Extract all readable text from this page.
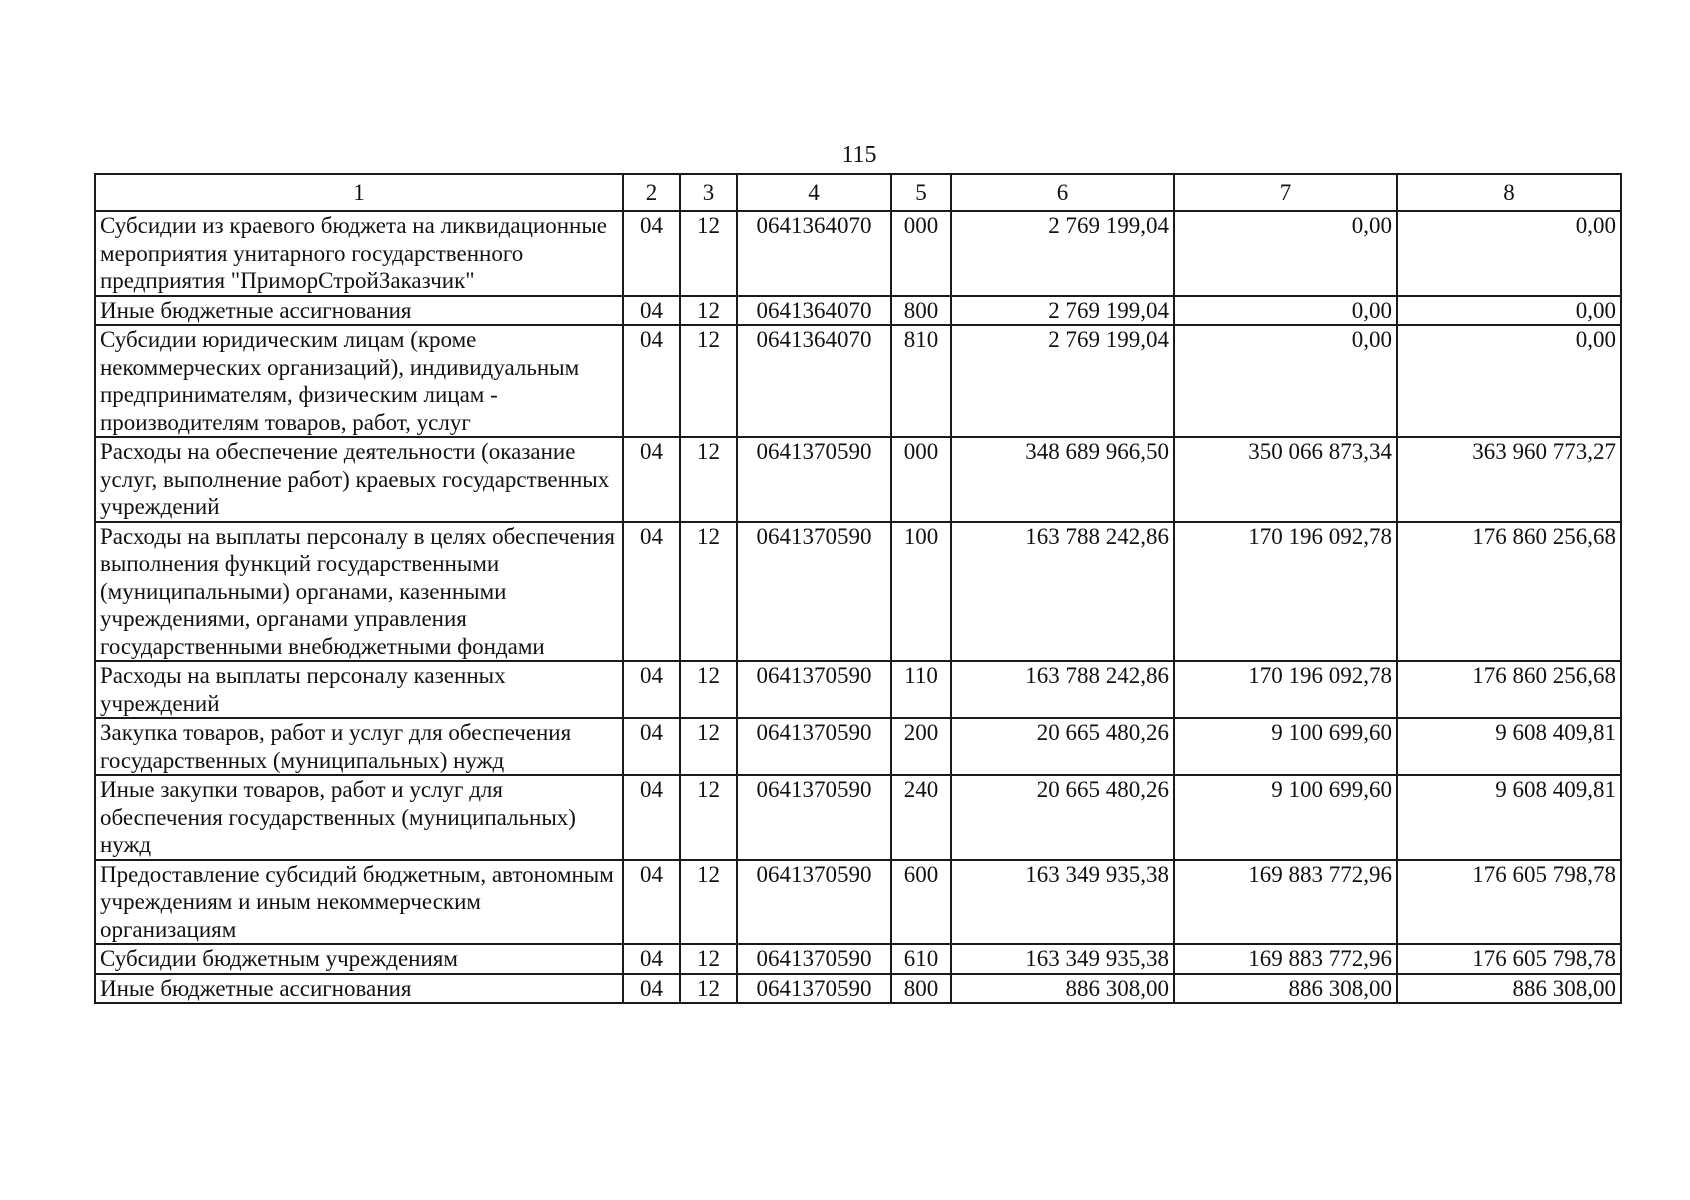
115
1	2	3	4	5	6	7	8
Субсидии из краевого бюджета на ликвидационные мероприятия унитарного государственного предприятия "ПриморСтройЗаказчик"	04	12	0641364070	000	2 769 199,04	0,00	0,00
Иные бюджетные ассигнования	04	12	0641364070	800	2 769 199,04	0,00	0,00
Субсидии юридическим лицам (кроме некоммерческих организаций), индивидуальным предпринимателям, физическим лицам - производителям товаров, работ, услуг	04	12	0641364070	810	2 769 199,04	0,00	0,00
Расходы на обеспечение деятельности (оказание услуг, выполнение работ) краевых государственных учреждений	04	12	0641370590	000	348 689 966,50	350 066 873,34	363 960 773,27
Расходы на выплаты персоналу в целях обеспечения выполнения функций государственными (муниципальными) органами, казенными учреждениями, органами управления государственными внебюджетными фондами	04	12	0641370590	100	163 788 242,86	170 196 092,78	176 860 256,68
Расходы на выплаты персоналу казенных учреждений	04	12	0641370590	110	163 788 242,86	170 196 092,78	176 860 256,68
Закупка товаров, работ и услуг для обеспечения государственных (муниципальных) нужд	04	12	0641370590	200	20 665 480,26	9 100 699,60	9 608 409,81
Иные закупки товаров, работ и услуг для обеспечения государственных (муниципальных) нужд	04	12	0641370590	240	20 665 480,26	9 100 699,60	9 608 409,81
Предоставление субсидий бюджетным, автономным учреждениям и иным некоммерческим организациям	04	12	0641370590	600	163 349 935,38	169 883 772,96	176 605 798,78
Субсидии бюджетным учреждениям	04	12	0641370590	610	163 349 935,38	169 883 772,96	176 605 798,78
Иные бюджетные ассигнования	04	12	0641370590	800	886 308,00	886 308,00	886 308,00
